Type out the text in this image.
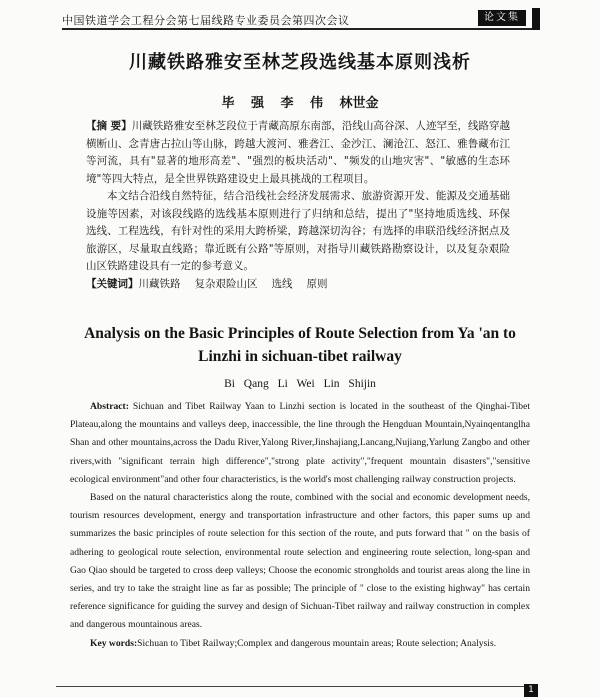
中国铁道学会工程分会第七届线路专业委员会第四次会议	论文集
川藏铁路雅安至林芝段选线基本原则浅析
毕 强 李 伟 林世金

【摘 要】川藏铁路雅安至林芝段位于青藏高原东南部，沿线山高谷深、人迹罕至，线路穿越横断山、念青唐古拉山等山脉，跨越大渡河、雅砻江、金沙江、澜沧江、怒江、雅鲁藏布江等河流，具有"显著的地形高差"、"强烈的板块活动"、"频发的山地灾害"、"敏感的生态环境"等四大特点，是全世界铁路建设史上最具挑战的工程项目。

本文结合沿线自然特征，结合沿线社会经济发展需求、旅游资源开发、能源及交通基础设施等因素，对该段线路的选线基本原则进行了归纳和总结，提出了"坚持地质选线、环保选线、工程选线，有针对性的采用大跨桥梁，跨越深切沟谷；有选择的串联沿线经济据点及旅游区，尽量取直线路；靠近既有公路"等原则，对指导川藏铁路勘察设计，以及复杂艰险山区铁路建设具有一定的参考意义。

【关键词】川藏铁路 复杂艰险山区 选线 原则

Analysis on the Basic Principles of Route Selection from Ya 'an to Linzhi in sichuan-tibet railway
Bi Qang Li Wei Lin Shijin

Abstract: Sichuan and Tibet Railway Yaan to Linzhi section is located in the southeast of the Qinghai-Tibet Plateau,along the mountains and valleys deep, inaccessible, the line through the Hengduan Mountain,Nyainqentanglha Shan and other mountains,across the Dadu River,Yalong River,Jinshajiang,Lancang,Nujiang,Yarlung Zangbo and other rivers,with "significant terrain high difference","strong plate activity","frequent mountain disasters","sensitive ecological environment"and other four characteristics, is the world's most challenging railway construction projects.

Based on the natural characteristics along the route, combined with the social and economic development needs, tourism resources development, energy and transportation infrastructure and other factors, this paper sums up and summarizes the basic principles of route selection for this section of the route, and puts forward that " on the basis of adhering to geological route selection, environmental route selection and engineering route selection, long-span and Gao Qiao should be targeted to cross deep valleys; Choose the economic strongholds and tourist areas along the line in series, and try to take the straight line as far as possible; The principle of " close to the existing highway" has certain reference significance for guiding the survey and design of Sichuan-Tibet railway and railway construction in complex and dangerous mountainous areas.

Key words:Sichuan to Tibet Railway;Complex and dangerous mountain areas; Route selection; Analysis.

1
